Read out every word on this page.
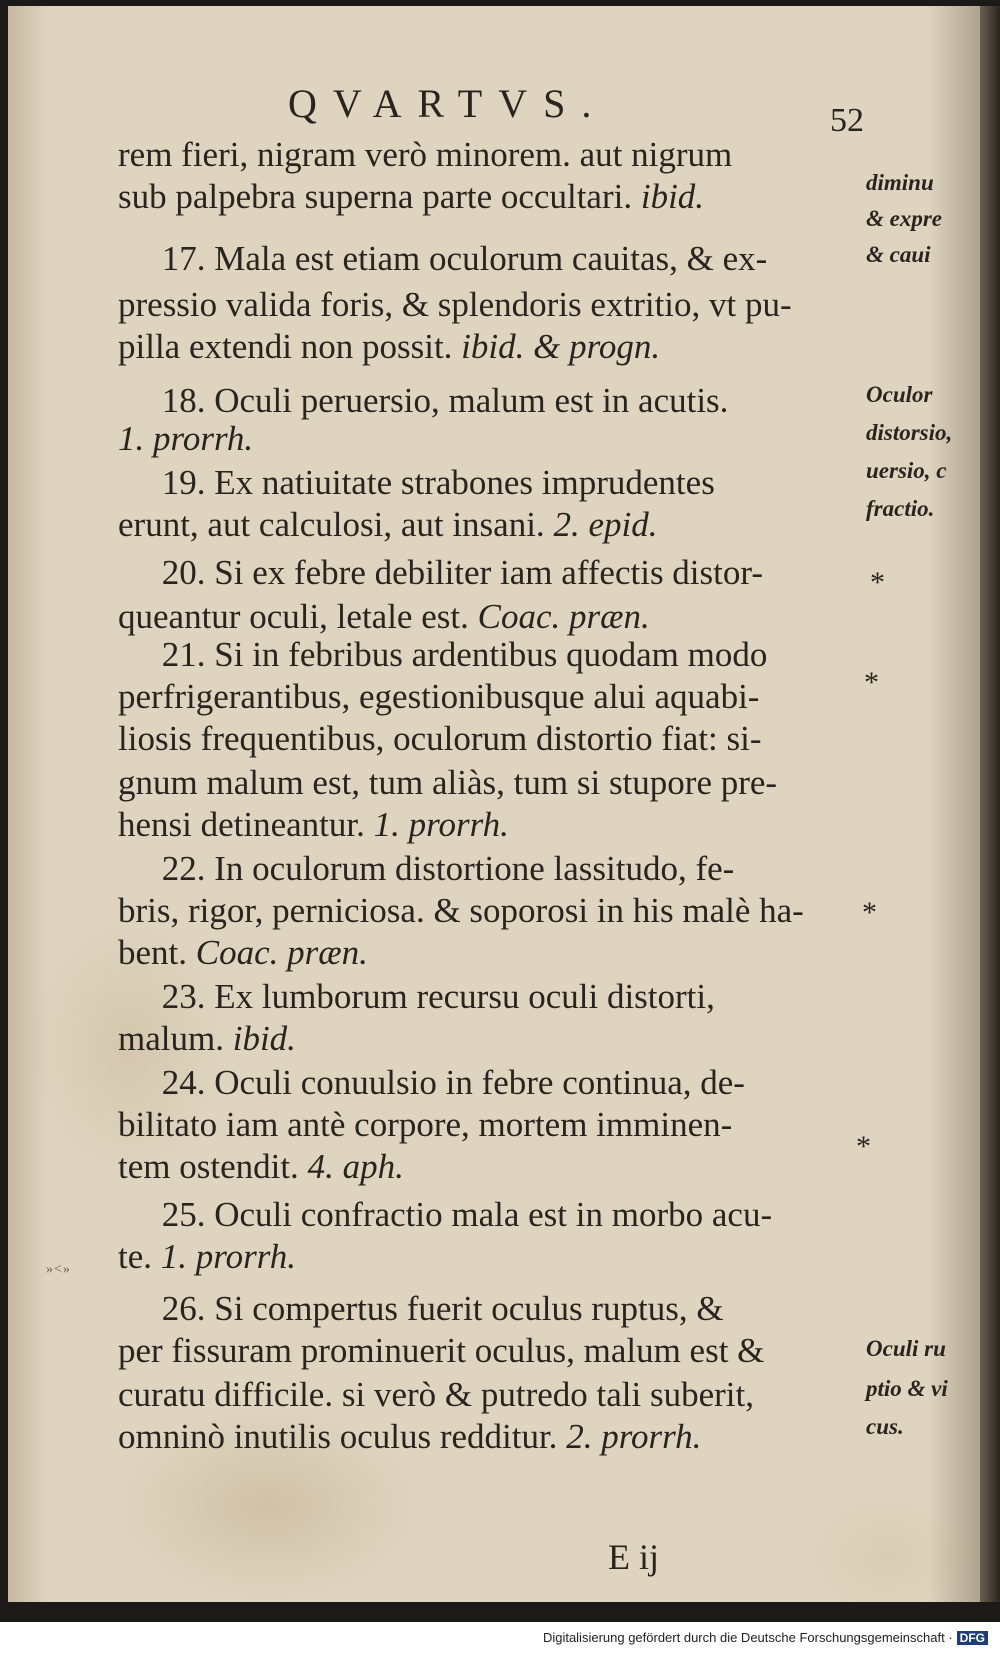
QVARTVS.	52
rem fieri, nigram verò minorem. aut nigrum
sub palpebra superna parte occultari. ibid.
17. Mala est etiam oculorum cauitas, & ex-
pressio valida foris, & splendoris extritio, vt pu-
pilla extendi non possit. ibid. & progn.
18. Oculi peruersio, malum est in acutis.
1. prorrh.
19. Ex natiuitate strabones imprudentes
erunt, aut calculosi, aut insani. 2. epid.
20. Si ex febre debiliter iam affectis distor-
queantur oculi, letale est. Coac. præn.
21. Si in febribus ardentibus quodam modo
perfrigerantibus, egestionibusque alui aquabi-
liosis frequentibus, oculorum distortio fiat: si-
gnum malum est, tum aliàs, tum si stupore pre-
hensi detineantur. 1. prorrh.
22. In oculorum distortione lassitudo, fe-
bris, rigor, perniciosa. & soporosi in his malè ha-
bent. Coac. præn.
23. Ex lumborum recursu oculi distorti,
malum. ibid.
24. Oculi conuulsio in febre continua, de-
bilitato iam antè corpore, mortem imminen-
tem ostendit. 4. aph.
25. Oculi confractio mala est in morbo acu-
te. 1. prorrh.
26. Si compertus fuerit oculus ruptus, &
per fissuram prominuerit oculus, malum est &
curatu difficile. si verò & putredo tali suberit,
omninò inutilis oculus redditur. 2. prorrh.
diminu
& expre
& caui
Oculor
distorsio,
uersio, c
fractio.
Oculi ru
ptio & vi
cus.
*
*
*
*
»<»
E ij
Digitalisierung gefördert durch die Deutsche Forschungsgemeinschaft · DFG
